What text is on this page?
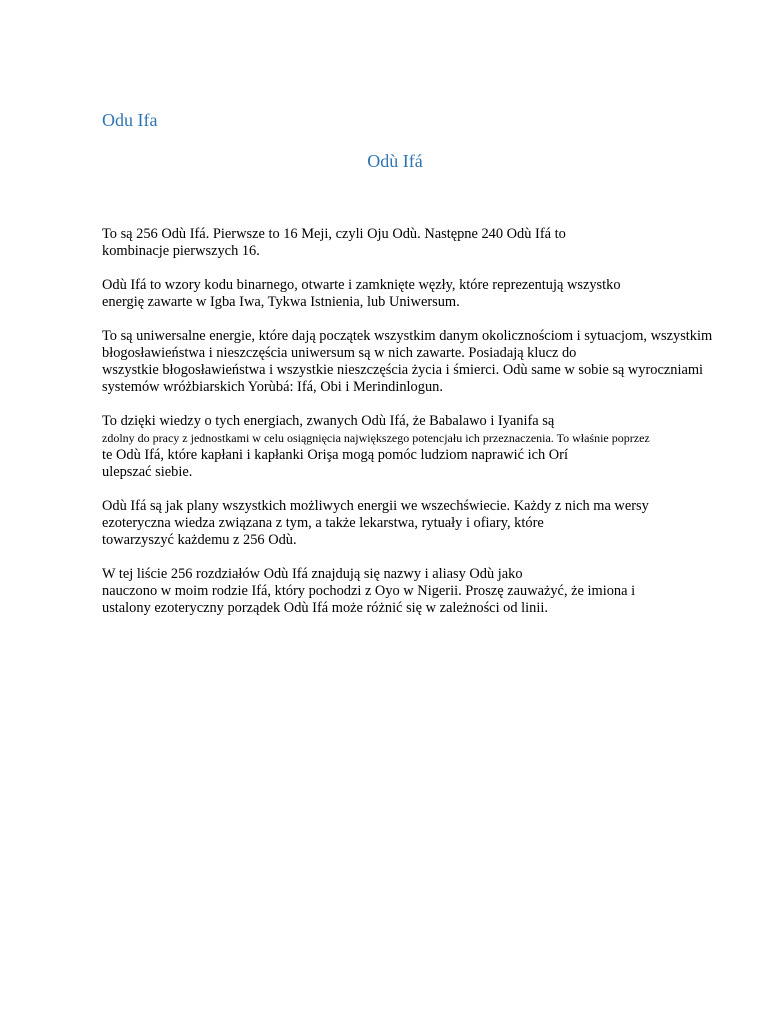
Odu Ifa
Odù Ifá

To są 256 Odù Ifá. Pierwsze to 16 Meji, czyli Oju Odù. Następne 240 Odù Ifá to
kombinacje pierwszych 16.

Odù Ifá to wzory kodu binarnego, otwarte i zamknięte węzły, które reprezentują wszystko
energię zawarte w Igba Iwa, Tykwa Istnienia, lub Uniwersum.

To są uniwersalne energie, które dają początek wszystkim danym okolicznościom i sytuacjom, wszystkim
błogosławieństwa i nieszczęścia uniwersum są w nich zawarte. Posiadają klucz do
wszystkie błogosławieństwa i wszystkie nieszczęścia życia i śmierci. Odù same w sobie są wyroczniami
systemów wróżbiarskich Yorùbá: Ifá, Obi i Merindinlogun.

To dzięki wiedzy o tych energiach, zwanych Odù Ifá, że Babalawo i Iyanifa są
zdolny do pracy z jednostkami w celu osiągnięcia największego potencjału ich przeznaczenia. To właśnie poprzez
te Odù Ifá, które kapłani i kapłanki Orişa mogą pomóc ludziom naprawić ich Orí
ulepszać siebie.

Odù Ifá są jak plany wszystkich możliwych energii we wszechświecie. Każdy z nich ma wersy
ezoteryczna wiedza związana z tym, a także lekarstwa, rytuały i ofiary, które
towarzyszyć każdemu z 256 Odù.

W tej liście 256 rozdziałów Odù Ifá znajdują się nazwy i aliasy Odù jako
nauczono w moim rodzie Ifá, który pochodzi z Oyo w Nigerii. Proszę zauważyć, że imiona i
ustalony ezoteryczny porządek Odù Ifá może różnić się w zależności od linii.
